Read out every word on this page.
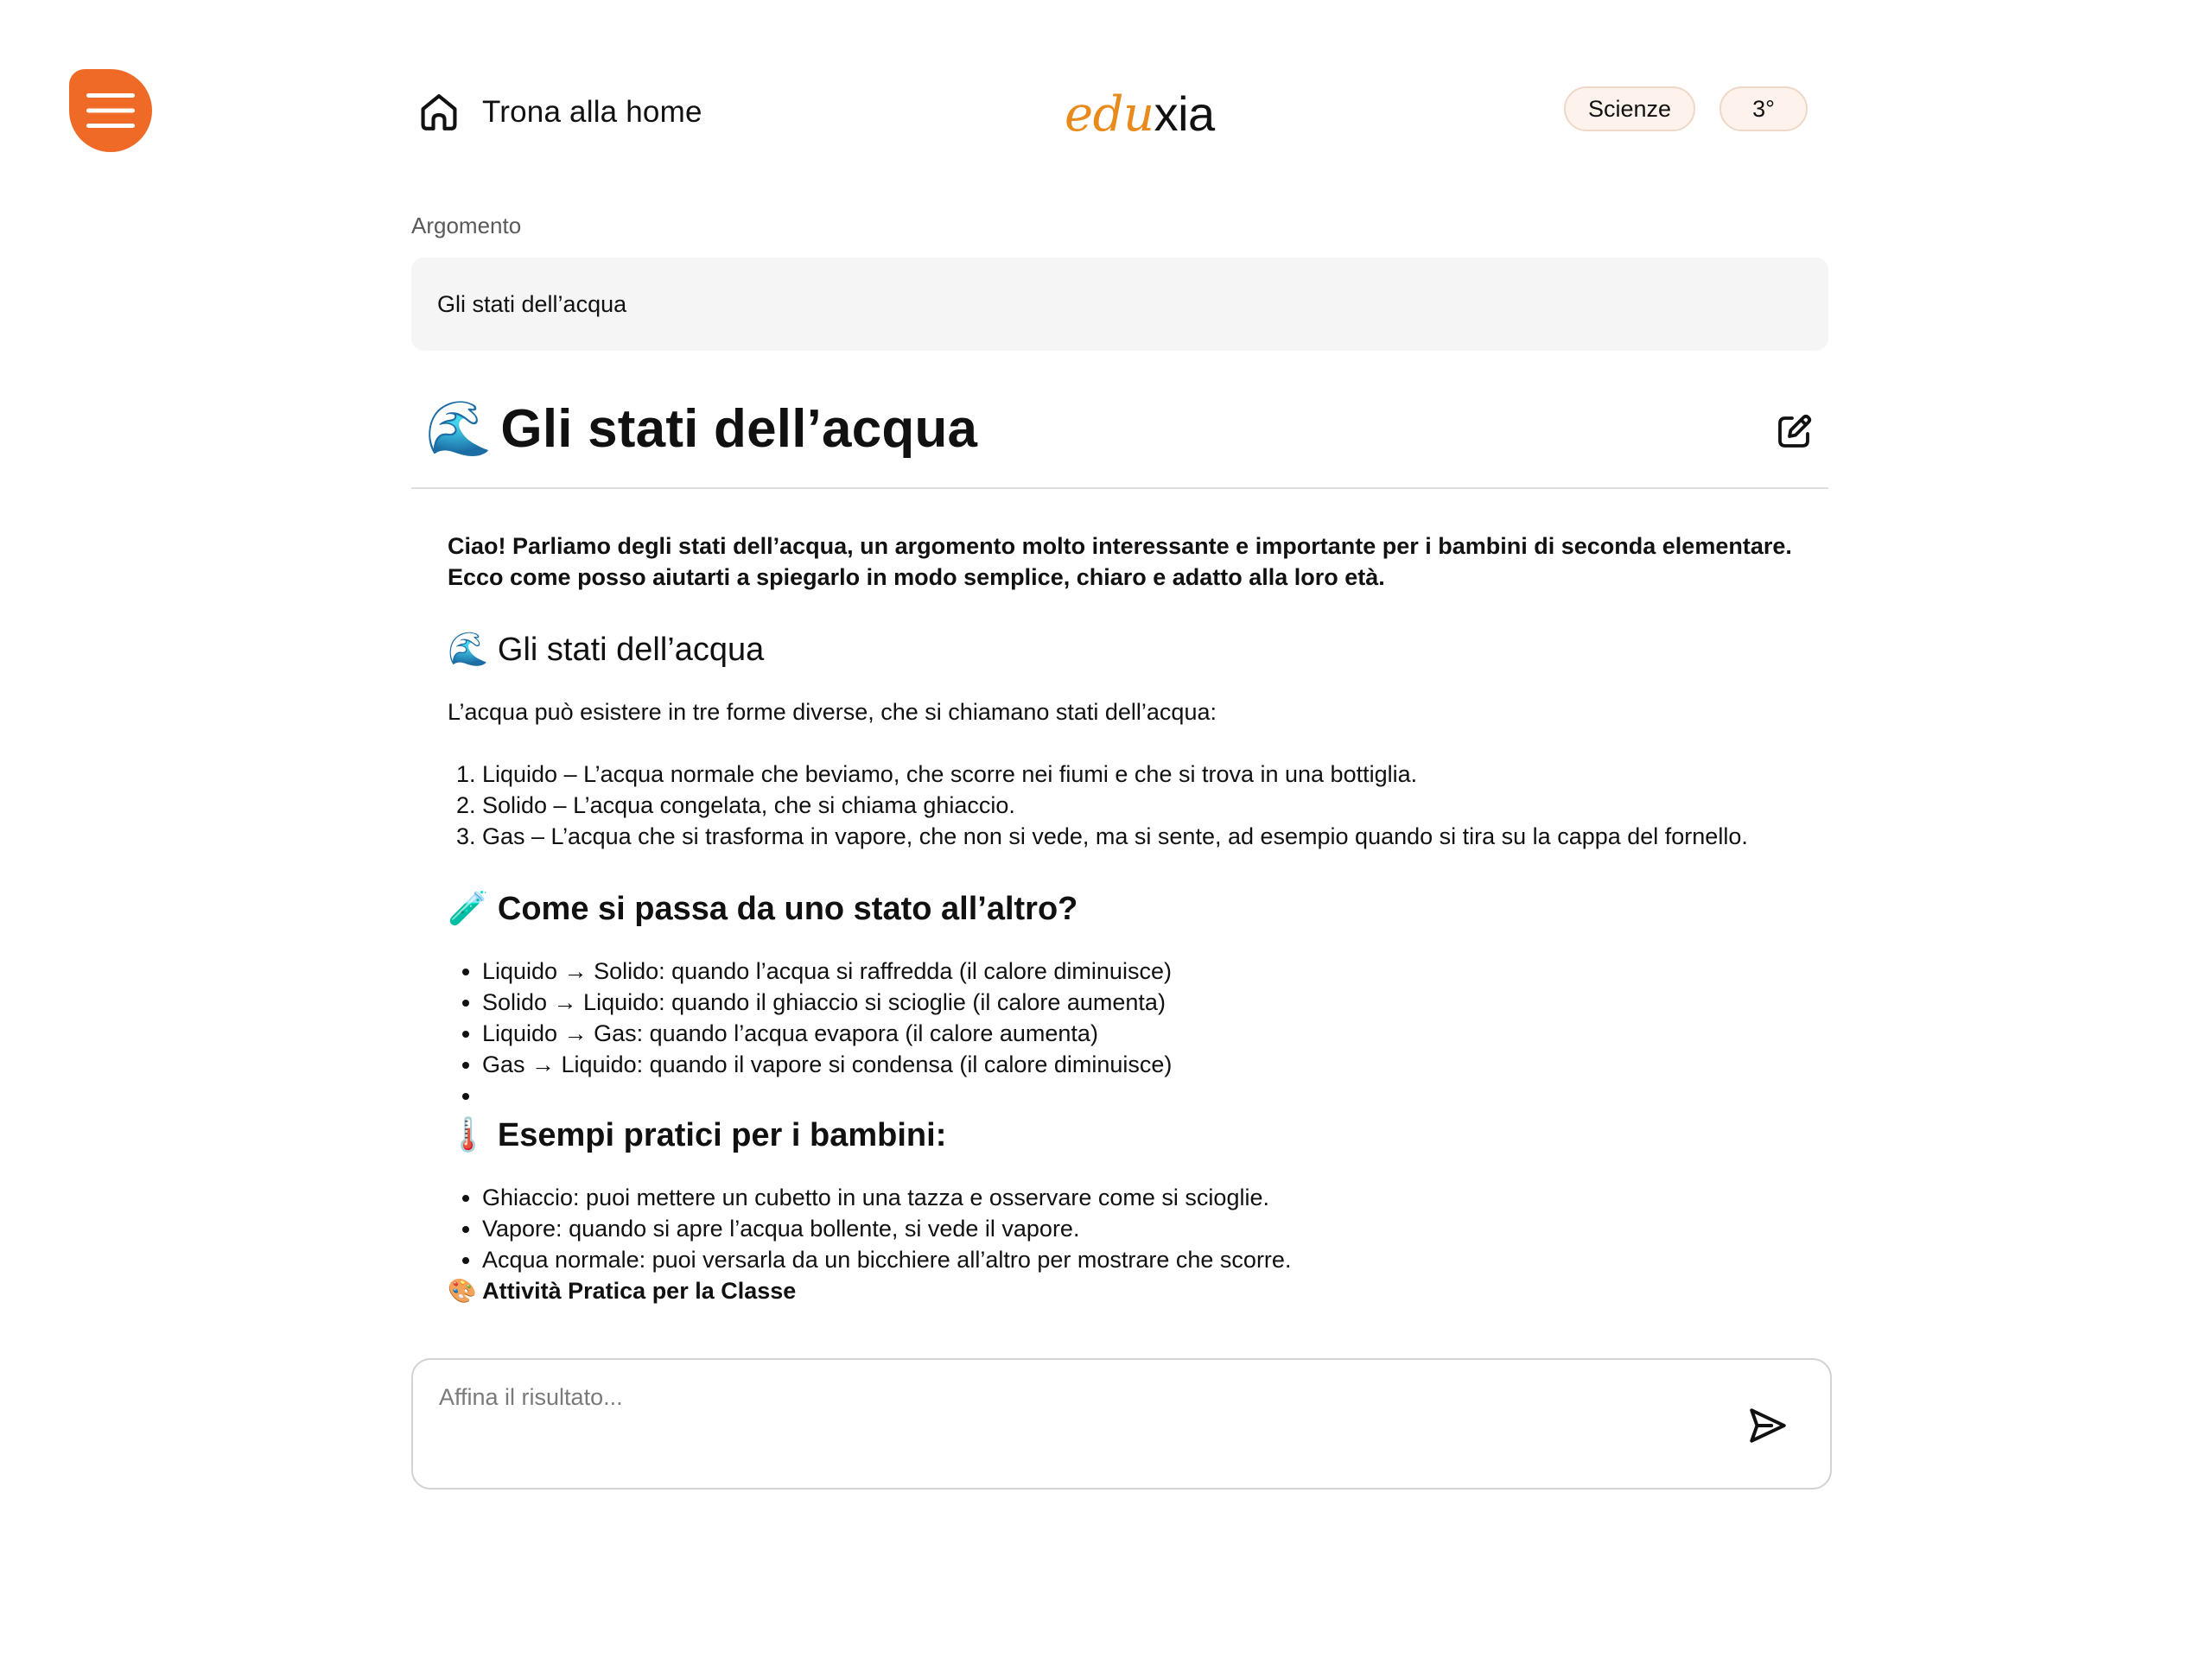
Trona alla home	eduxia	Scienze	3°
Argomento
Gli stati dell’acqua
🌊 Gli stati dell’acqua

Ciao! Parliamo degli stati dell’acqua, un argomento molto interessante e importante per i bambini di seconda elementare. Ecco come posso aiutarti a spiegarlo in modo semplice, chiaro e adatto alla loro età.

🌊 Gli stati dell’acqua

L’acqua può esistere in tre forme diverse, che si chiamano stati dell’acqua:

1. Liquido – L’acqua normale che beviamo, che scorre nei fiumi e che si trova in una bottiglia.
2. Solido – L’acqua congelata, che si chiama ghiaccio.
3. Gas – L’acqua che si trasforma in vapore, che non si vede, ma si sente, ad esempio quando si tira su la cappa del fornello.
🧪 Come si passa da uno stato all’altro?
• Liquido → Solido: quando l’acqua si raffredda (il calore diminuisce)
• Solido → Liquido: quando il ghiaccio si scioglie (il calore aumenta)
• Liquido → Gas: quando l’acqua evapora (il calore aumenta)
• Gas → Liquido: quando il vapore si condensa (il calore diminuisce)
•
🌡️ Esempi pratici per i bambini:
• Ghiaccio: puoi mettere un cubetto in una tazza e osservare come si scioglie.
• Vapore: quando si apre l’acqua bollente, si vede il vapore.
• Acqua normale: puoi versarla da un bicchiere all’altro per mostrare che scorre.
🎨 Attività Pratica per la Classe
Affina il risultato...
